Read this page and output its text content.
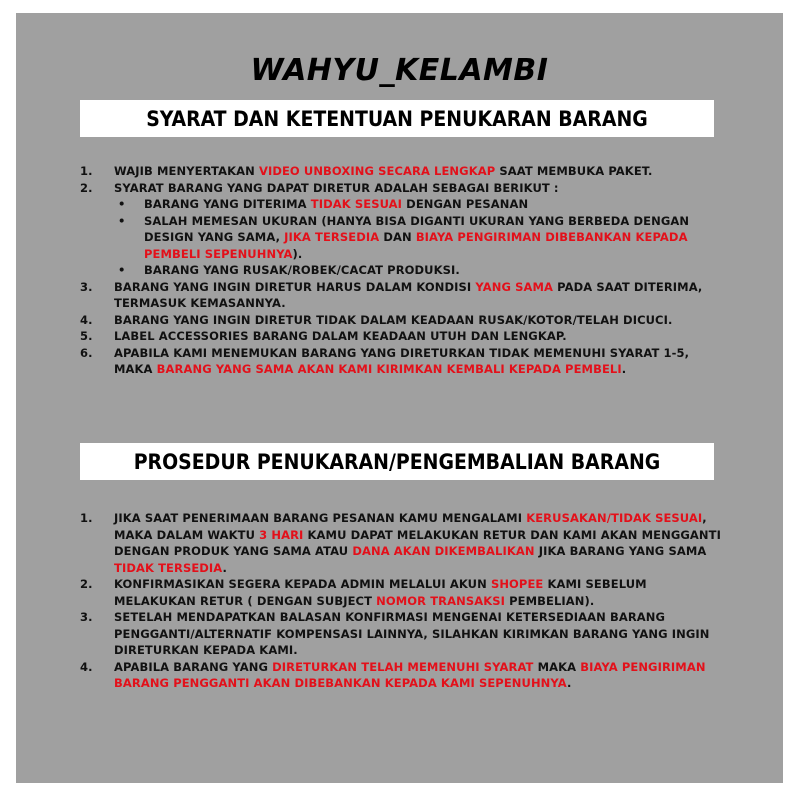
WAHYU_KELAMBI
SYARAT DAN KETENTUAN PENUKARAN BARANG
1.	WAJIB MENYERTAKAN VIDEO UNBOXING SECARA LENGKAP SAAT MEMBUKA PAKET.
2.	SYARAT BARANG YANG DAPAT DIRETUR ADALAH SEBAGAI BERIKUT :
•	BARANG YANG DITERIMA TIDAK SESUAI DENGAN PESANAN
•	SALAH MEMESAN UKURAN (HANYA BISA DIGANTI UKURAN YANG BERBEDA DENGAN DESIGN YANG SAMA, JIKA TERSEDIA DAN BIAYA PENGIRIMAN DIBEBANKAN KEPADA PEMBELI SEPENUHNYA).
•	BARANG YANG RUSAK/ROBEK/CACAT PRODUKSI.
3.	BARANG YANG INGIN DIRETUR HARUS DALAM KONDISI YANG SAMA PADA SAAT DITERIMA, TERMASUK KEMASANNYA.
4.	BARANG YANG INGIN DIRETUR TIDAK DALAM KEADAAN RUSAK/KOTOR/TELAH DICUCI.
5.	LABEL ACCESSORIES BARANG DALAM KEADAAN UTUH DAN LENGKAP.
6.	APABILA KAMI MENEMUKAN BARANG YANG DIRETURKAN TIDAK MEMENUHI SYARAT 1-5, MAKA BARANG YANG SAMA AKAN KAMI KIRIMKAN KEMBALI KEPADA PEMBELI.
PROSEDUR PENUKARAN/PENGEMBALIAN BARANG
1.	JIKA SAAT PENERIMAAN BARANG PESANAN KAMU MENGALAMI KERUSAKAN/TIDAK SESUAI, MAKA DALAM WAKTU 3 HARI KAMU DAPAT MELAKUKAN RETUR DAN KAMI AKAN MENGGANTI DENGAN PRODUK YANG SAMA ATAU DANA AKAN DIKEMBALIKAN JIKA BARANG YANG SAMA TIDAK TERSEDIA.
2.	KONFIRMASIKAN SEGERA KEPADA ADMIN MELALUI AKUN SHOPEE KAMI SEBELUM MELAKUKAN RETUR ( DENGAN SUBJECT NOMOR TRANSAKSI PEMBELIAN).
3.	SETELAH MENDAPATKAN BALASAN KONFIRMASI MENGENAI KETERSEDIAAN BARANG PENGGANTI/ALTERNATIF KOMPENSASI LAINNYA, SILAHKAN KIRIMKAN BARANG YANG INGIN DIRETURKAN KEPADA KAMI.
4.	APABILA BARANG YANG DIRETURKAN TELAH MEMENUHI SYARAT MAKA BIAYA PENGIRIMAN BARANG PENGGANTI AKAN DIBEBANKAN KEPADA KAMI SEPENUHNYA.
